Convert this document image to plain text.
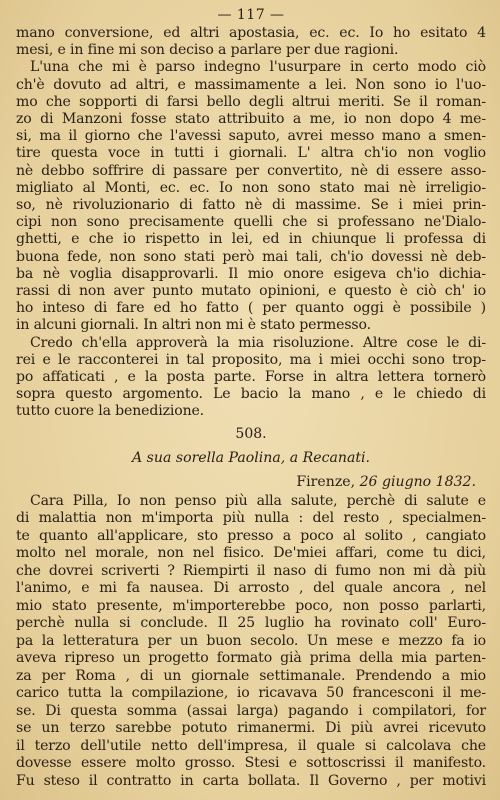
— 117 —
mano conversione, ed altri apostasia, ec. ec. Io ho esitato 4
mesi, e in fine mi son deciso a parlare per due ragioni.
L'una che mi è parso indegno l'usurpare in certo modo ciò
ch'è dovuto ad altri, e massimamente a lei. Non sono io l'uo-
mo che sopporti di farsi bello degli altrui meriti. Se il roman-
zo di Manzoni fosse stato attribuito a me, io non dopo 4 me-
si, ma il giorno che l'avessi saputo, avrei messo mano a smen-
tire questa voce in tutti i giornali. L' altra ch'io non voglio
nè debbo soffrire di passare per convertito, nè di essere asso-
migliato al Monti, ec. ec. Io non sono stato mai nè irreligio-
so, nè rivoluzionario di fatto nè di massime. Se i miei prin-
cipi non sono precisamente quelli che si professano ne'Dialo-
ghetti, e che io rispetto in lei, ed in chiunque li professa di
buona fede, non sono stati però mai tali, ch'io dovessi nè deb-
ba nè voglia disapprovarli. Il mio onore esigeva ch'io dichia-
rassi di non aver punto mutato opinioni, e questo è ciò ch' io
ho inteso di fare ed ho fatto ( per quanto oggi è possibile )
in alcuni giornali. In altri non mi è stato permesso.
Credo ch'ella approverà la mia risoluzione. Altre cose le di-
rei e le racconterei in tal proposito, ma i miei occhi sono trop-
po affaticati , e la posta parte. Forse in altra lettera tornerò
sopra questo argomento. Le bacio la mano , e le chiedo di
tutto cuore la benedizione.
508.
A sua sorella Paolina, a Recanati.
Firenze, 26 giugno 1832.
Cara Pilla, Io non penso più alla salute, perchè di salute e
di malattia non m'importa più nulla : del resto , specialmen-
te quanto all'applicare, sto presso a poco al solito , cangiato
molto nel morale, non nel fisico. De'miei affari, come tu dici,
che dovrei scriverti ? Riempirti il naso di fumo non mi dà più
l'animo, e mi fa nausea. Di arrosto , del quale ancora , nel
mio stato presente, m'importerebbe poco, non posso parlarti,
perchè nulla si conclude. Il 25 luglio ha rovinato coll' Euro-
pa la letteratura per un buon secolo. Un mese e mezzo fa io
aveva ripreso un progetto formato già prima della mia parten-
za per Roma , di un giornale settimanale. Prendendo a mio
carico tutta la compilazione, io ricavava 50 francesconi il me-
se. Di questa somma (assai larga) pagando i compilatori, for
se un terzo sarebbe potuto rimanermi. Di più avrei ricevuto
il terzo dell'utile netto dell'impresa, il quale si calcolava che
dovesse essere molto grosso. Stesi e sottoscrissi il manifesto.
Fu steso il contratto in carta bollata. Il Governo , per motivi
